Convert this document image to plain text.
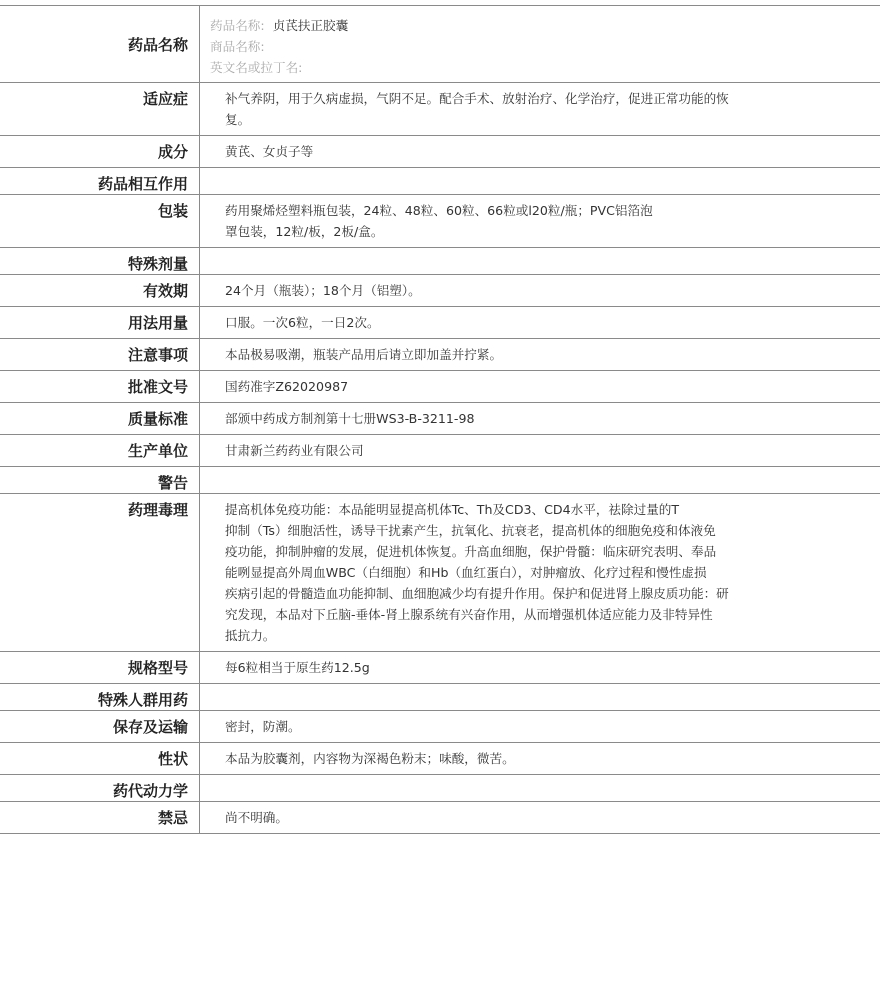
药品名称
药品名称: 贞芪扶正胶囊
商品名称:
英文名或拉丁名:
适应症	补气养阴，用于久病虚损，气阴不足。配合手术、放射治疗、化学治疗，促进正常功能的恢
复。
成分	黄芪、女贞子等
药品相互作用
包装	药用聚烯烃塑料瓶包装，24粒、48粒、60粒、66粒或l20粒/瓶；PVC铝箔泡
罩包装，12粒/板，2板/盒。
特殊剂量
有效期	24个月（瓶装）；18个月（铝塑）。
用法用量	口服。一次6粒，一日2次。
注意事项	本品极易吸潮，瓶装产品用后请立即加盖并拧紧。
批准文号	国药准字Z62020987
质量标准	部颁中药成方制剂第十七册WS3-B-3211-98
生产单位	甘肃新兰药药业有限公司
警告
药理毒理	提高机体免疫功能：本品能明显提高机体Tc、Th及CD3、CD4水平，祛除过量的T
抑制（Ts）细胞活性，诱导干扰素产生，抗氧化、抗衰老，提高机体的细胞免疫和体液免
疫功能，抑制肿瘤的发展，促进机体恢复。升高血细胞，保护骨髓：临床研究表明、奉品
能咧显提高外周血WBC（白细胞）和Hb（血红蛋白），对肿瘤放、化疗过程和慢性虚损
疾病引起的骨髓造血功能抑制、血细胞减少均有提升作用。保护和促进肾上腺皮质功能：研
究发现，本品对下丘脑-垂体-肾上腺系统有兴奋作用，从而增强机体适应能力及非特异性
抵抗力。
规格型号	每6粒相当于原生药12.5g
特殊人群用药
保存及运输	密封，防潮。
性状	本品为胶囊剂，内容物为深褐色粉末；味酸，微苦。
药代动力学
禁忌	尚不明确。
